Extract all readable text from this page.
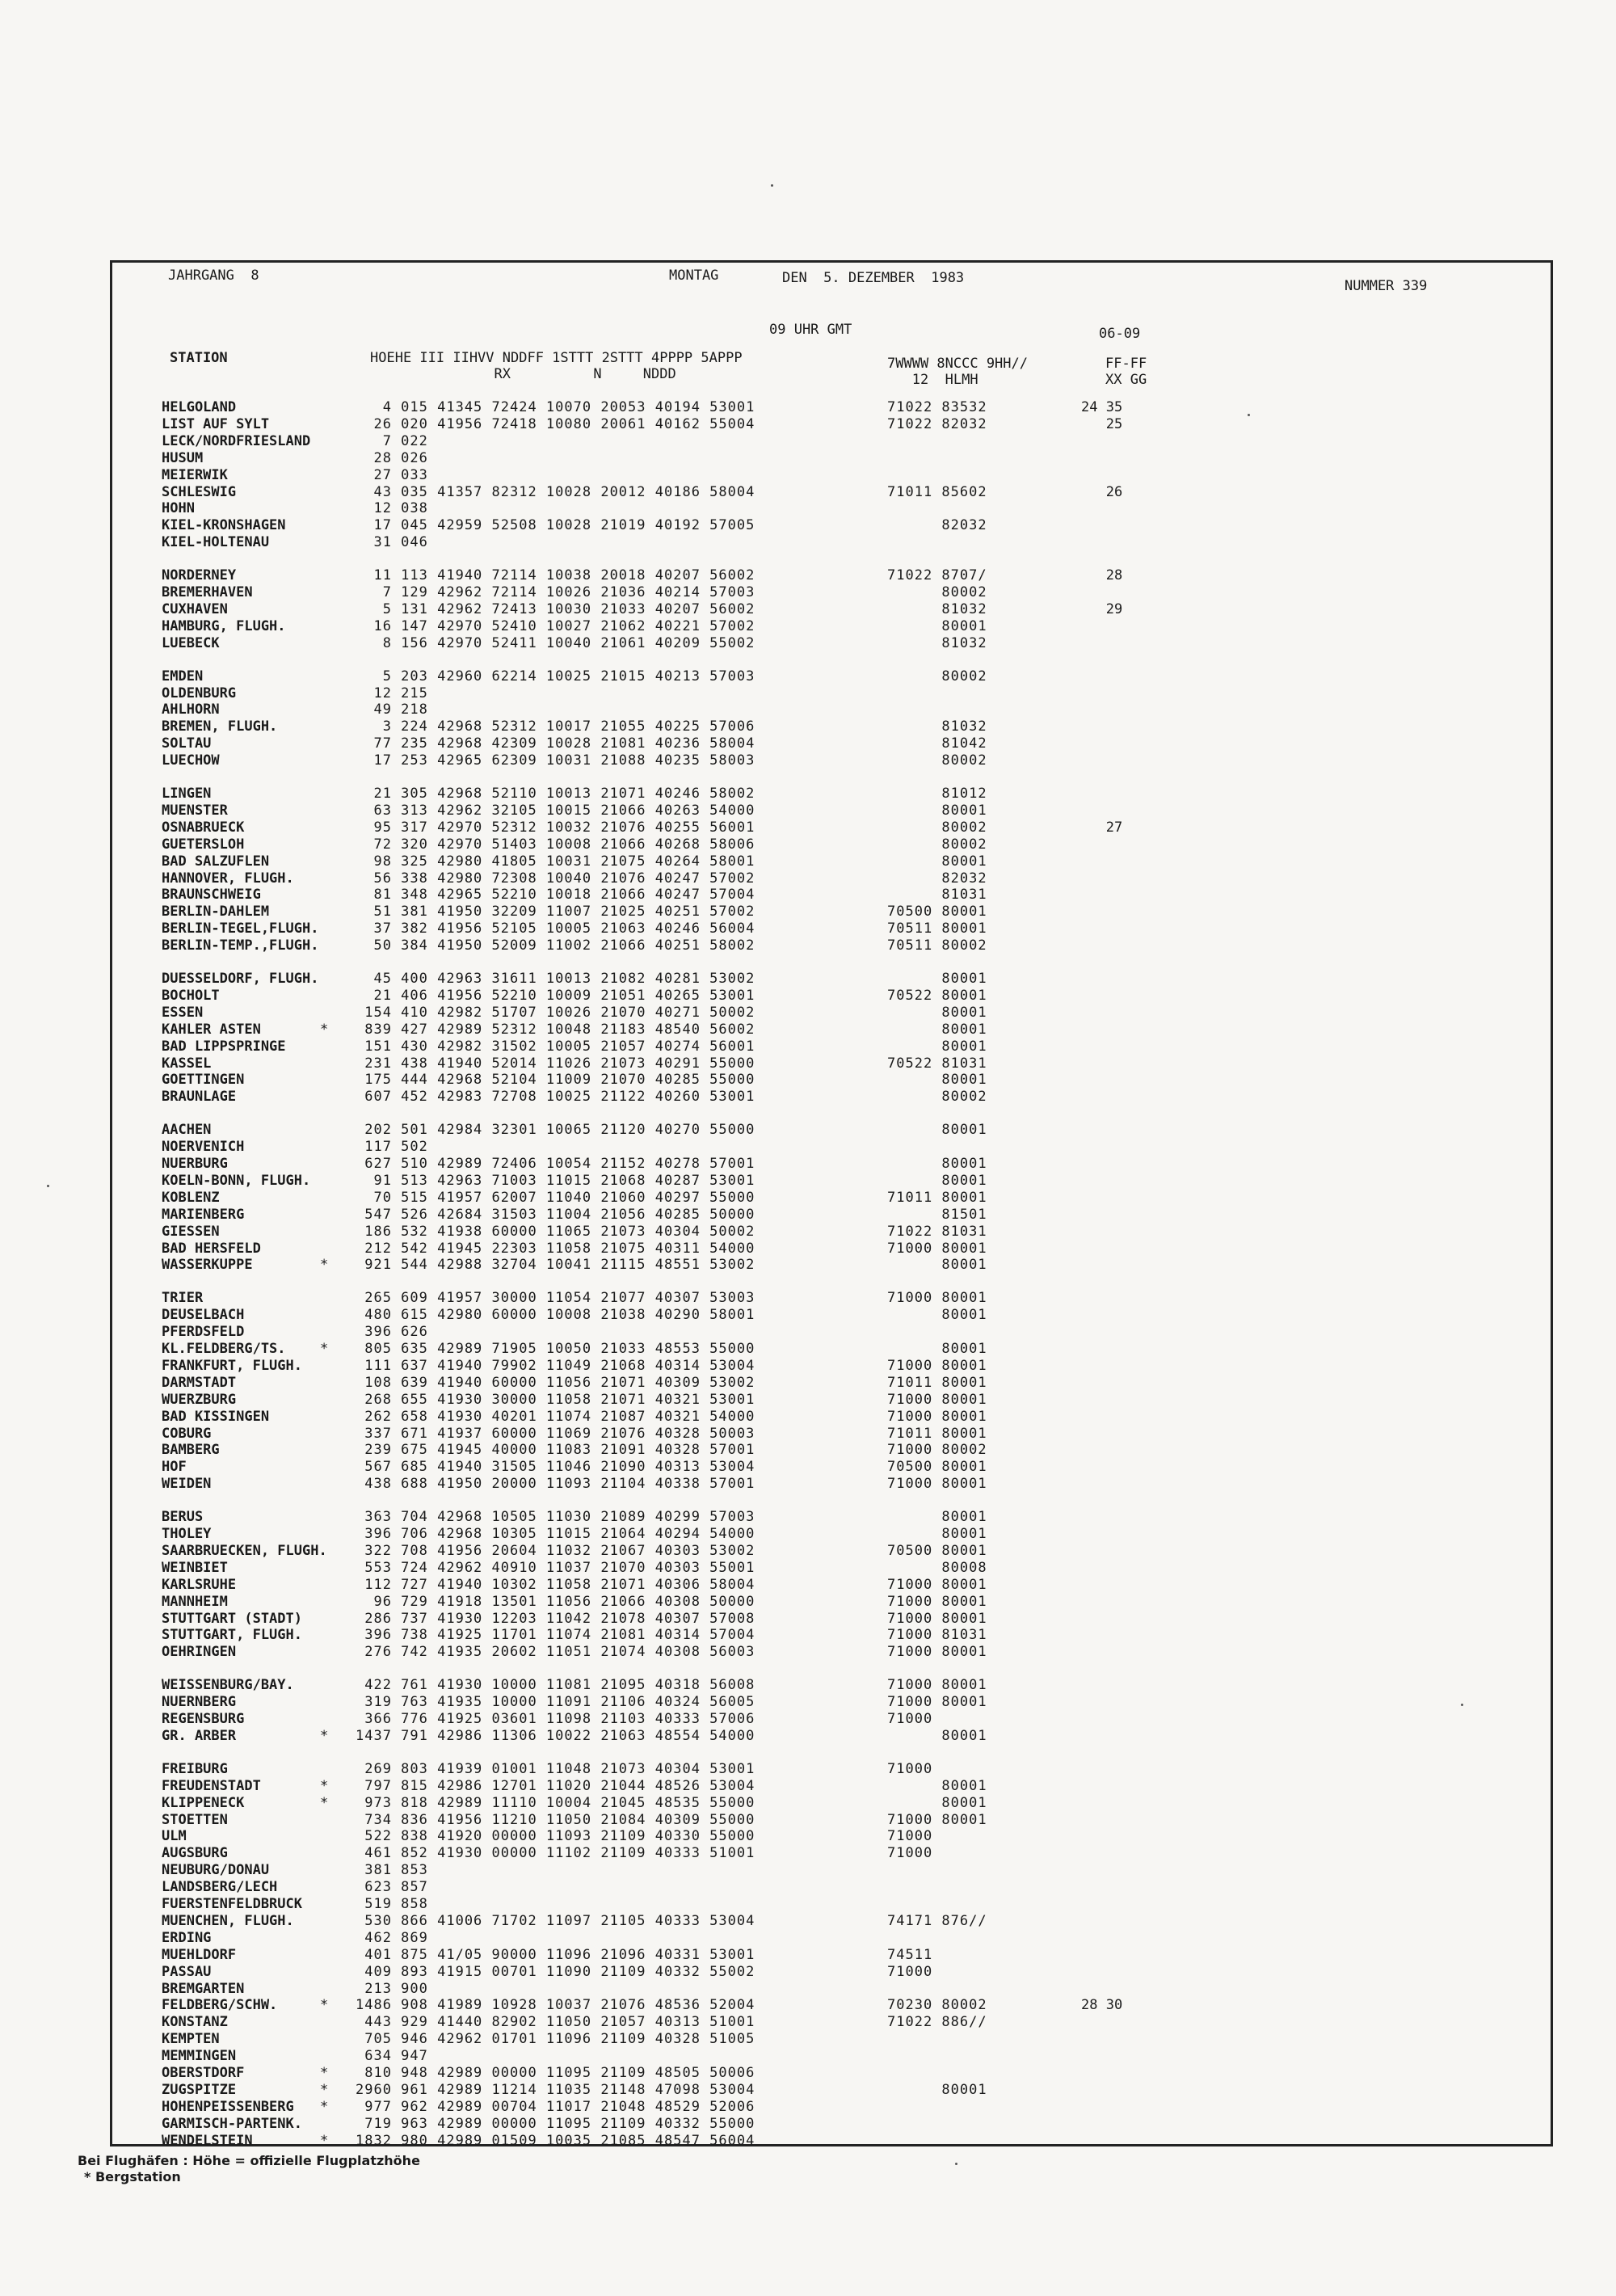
JAHRGANG  8	MONTAG	DEN  5. DEZEMBER  1983	NUMMER 339
09 UHR GMT	06-09
STATION	HOEHE III IIHVV NDDFF 1STTT 2STTT 4PPPP 5APPP
RX          N     NDDD
7WWWW 8NCCC 9HH//
12  HLMH
FF-FF
XX GG
HELGOLAND	4 015 41345 72424 10070 20053 40194 53001	71022 83532	24 35
LIST AUF SYLT	26 020 41956 72418 10080 20061 40162 55004	71022 82032	25
LECK/NORDFRIESLAND	7 022
HUSUM	28 026
MEIERWIK	27 033
SCHLESWIG	43 035 41357 82312 10028 20012 40186 58004	71011 85602	26
HOHN	12 038
KIEL-KRONSHAGEN	17 045 42959 52508 10028 21019 40192 57005	82032
KIEL-HOLTENAU	31 046
NORDERNEY	11 113 41940 72114 10038 20018 40207 56002	71022 8707/	28
BREMERHAVEN	7 129 42962 72114 10026 21036 40214 57003	80002
CUXHAVEN	5 131 42962 72413 10030 21033 40207 56002	81032	29
HAMBURG, FLUGH.	16 147 42970 52410 10027 21062 40221 57002	80001
LUEBECK	8 156 42970 52411 10040 21061 40209 55002	81032
EMDEN	5 203 42960 62214 10025 21015 40213 57003	80002
OLDENBURG	12 215
AHLHORN	49 218
BREMEN, FLUGH.	3 224 42968 52312 10017 21055 40225 57006	81032
SOLTAU	77 235 42968 42309 10028 21081 40236 58004	81042
LUECHOW	17 253 42965 62309 10031 21088 40235 58003	80002
LINGEN	21 305 42968 52110 10013 21071 40246 58002	81012
MUENSTER	63 313 42962 32105 10015 21066 40263 54000	80001
OSNABRUECK	95 317 42970 52312 10032 21076 40255 56001	80002	27
GUETERSLOH	72 320 42970 51403 10008 21066 40268 58006	80002
BAD SALZUFLEN	98 325 42980 41805 10031 21075 40264 58001	80001
HANNOVER, FLUGH.	56 338 42980 72308 10040 21076 40247 57002	82032
BRAUNSCHWEIG	81 348 42965 52210 10018 21066 40247 57004	81031
BERLIN-DAHLEM	51 381 41950 32209 11007 21025 40251 57002	70500 80001
BERLIN-TEGEL,FLUGH.	37 382 41956 52105 10005 21063 40246 56004	70511 80001
BERLIN-TEMP.,FLUGH.	50 384 41950 52009 11002 21066 40251 58002	70511 80002
DUESSELDORF, FLUGH.	45 400 42963 31611 10013 21082 40281 53002	80001
BOCHOLT	21 406 41956 52210 10009 21051 40265 53001	70522 80001
ESSEN	154 410 42982 51707 10026 21070 40271 50002	80001
KAHLER ASTEN	* 839 427 42989 52312 10048 21183 48540 56002	80001
BAD LIPPSPRINGE	151 430 42982 31502 10005 21057 40274 56001	80001
KASSEL	231 438 41940 52014 11026 21073 40291 55000	70522 81031
GOETTINGEN	175 444 42968 52104 11009 21070 40285 55000	80001
BRAUNLAGE	607 452 42983 72708 10025 21122 40260 53001	80002
AACHEN	202 501 42984 32301 10065 21120 40270 55000	80001
NOERVENICH	117 502
NUERBURG	627 510 42989 72406 10054 21152 40278 57001	80001
KOELN-BONN, FLUGH.	91 513 42963 71003 11015 21068 40287 53001	80001
KOBLENZ	70 515 41957 62007 11040 21060 40297 55000	71011 80001
MARIENBERG	547 526 42684 31503 11004 21056 40285 50000	81501
GIESSEN	186 532 41938 60000 11065 21073 40304 50002	71022 81031
BAD HERSFELD	212 542 41945 22303 11058 21075 40311 54000	71000 80001
WASSERKUPPE	* 921 544 42988 32704 10041 21115 48551 53002	80001
TRIER	265 609 41957 30000 11054 21077 40307 53003	71000 80001
DEUSELBACH	480 615 42980 60000 10008 21038 40290 58001	80001
PFERDSFELD	396 626
KL.FELDBERG/TS.	* 805 635 42989 71905 10050 21033 48553 55000	80001
FRANKFURT, FLUGH.	111 637 41940 79902 11049 21068 40314 53004	71000 80001
DARMSTADT	108 639 41940 60000 11056 21071 40309 53002	71011 80001
WUERZBURG	268 655 41930 30000 11058 21071 40321 53001	71000 80001
BAD KISSINGEN	262 658 41930 40201 11074 21087 40321 54000	71000 80001
COBURG	337 671 41937 60000 11069 21076 40328 50003	71011 80001
BAMBERG	239 675 41945 40000 11083 21091 40328 57001	71000 80002
HOF	567 685 41940 31505 11046 21090 40313 53004	70500 80001
WEIDEN	438 688 41950 20000 11093 21104 40338 57001	71000 80001
BERUS	363 704 42968 10505 11030 21089 40299 57003	80001
THOLEY	396 706 42968 10305 11015 21064 40294 54000	80001
SAARBRUECKEN, FLUGH.	322 708 41956 20604 11032 21067 40303 53002	70500 80001
WEINBIET	553 724 42962 40910 11037 21070 40303 55001	80008
KARLSRUHE	112 727 41940 10302 11058 21071 40306 58004	71000 80001
MANNHEIM	96 729 41918 13501 11056 21066 40308 50000	71000 80001
STUTTGART (STADT)	286 737 41930 12203 11042 21078 40307 57008	71000 80001
STUTTGART, FLUGH.	396 738 41925 11701 11074 21081 40314 57004	71000 81031
OEHRINGEN	276 742 41935 20602 11051 21074 40308 56003	71000 80001
WEISSENBURG/BAY.	422 761 41930 10000 11081 21095 40318 56008	71000 80001
NUERNBERG	319 763 41935 10000 11091 21106 40324 56005	71000 80001
REGENSBURG	366 776 41925 03601 11098 21103 40333 57006	71000
GR. ARBER	* 1437 791 42986 11306 10022 21063 48554 54000	80001
FREIBURG	269 803 41939 01001 11048 21073 40304 53001	71000
FREUDENSTADT	* 797 815 42986 12701 11020 21044 48526 53004	80001
KLIPPENECK	* 973 818 42989 11110 10004 21045 48535 55000	80001
STOETTEN	734 836 41956 11210 11050 21084 40309 55000	71000 80001
ULM	522 838 41920 00000 11093 21109 40330 55000	71000
AUGSBURG	461 852 41930 00000 11102 21109 40333 51001	71000
NEUBURG/DONAU	381 853
LANDSBERG/LECH	623 857
FUERSTENFELDBRUCK	519 858
MUENCHEN, FLUGH.	530 866 41006 71702 11097 21105 40333 53004	74171 876//
ERDING	462 869
MUEHLDORF	401 875 41/05 90000 11096 21096 40331 53001	74511
PASSAU	409 893 41915 00701 11090 21109 40332 55002	71000
BREMGARTEN	213 900
FELDBERG/SCHW.	* 1486 908 41989 10928 10037 21076 48536 52004	70230 80002	28 30
KONSTANZ	443 929 41440 82902 11050 21057 40313 51001	71022 886//
KEMPTEN	705 946 42962 01701 11096 21109 40328 51005
MEMMINGEN	634 947
OBERSTDORF	* 810 948 42989 00000 11095 21109 48505 50006
ZUGSPITZE	* 2960 961 42989 11214 11035 21148 47098 53004	80001
HOHENPEISSENBERG	* 977 962 42989 00704 11017 21048 48529 52006
GARMISCH-PARTENK.	719 963 42989 00000 11095 21109 40332 55000
WENDELSTEIN	* 1832 980 42989 01509 10035 21085 48547 56004
Bei Flughäfen : Höhe = offizielle Flugplatzhöhe
* Bergstation
